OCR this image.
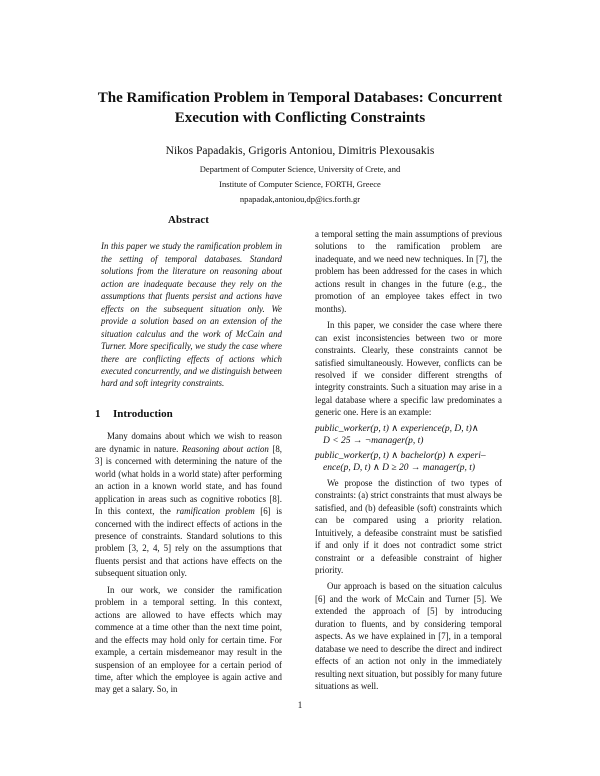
The Ramification Problem in Temporal Databases: Concurrent
Execution with Conflicting Constraints
Nikos Papadakis, Grigoris Antoniou, Dimitris Plexousakis
Department of Computer Science, University of Crete, and
Institute of Computer Science, FORTH, Greece
npapadak,antoniou,dp@ics.forth.gr
Abstract

In this paper we study the ramification problem in the setting of temporal databases. Standard solutions from the literature on reasoning about action are inadequate because they rely on the assumptions that fluents persist and actions have effects on the subsequent situation only. We provide a solution based on an extension of the situation calculus and the work of McCain and Turner. More specifically, we study the case where there are conflicting effects of actions which executed concurrently, and we distinguish between hard and soft integrity constraints.

1 Introduction

Many domains about which we wish to reason are dynamic in nature. Reasoning about action [8, 3] is concerned with determining the nature of the world (what holds in a world state) after performing an action in a known world state, and has found application in areas such as cognitive robotics [8]. In this context, the ramification problem [6] is concerned with the indirect effects of actions in the presence of constraints. Standard solutions to this problem [3, 2, 4, 5] rely on the assumptions that fluents persist and that actions have effects on the subsequent situation only.

In our work, we consider the ramification problem in a temporal setting. In this context, actions are allowed to have effects which may commence at a time other than the next time point, and the effects may hold only for certain time. For example, a certain misdemeanor may result in the suspension of an employee for a certain period of time, after which the employee is again active and may get a salary. So, in

a temporal setting the main assumptions of previous solutions to the ramification problem are inadequate, and we need new techniques. In [7], the problem has been addressed for the cases in which actions result in changes in the future (e.g., the promotion of an employee takes effect in two months).

In this paper, we consider the case where there can exist inconsistencies between two or more constraints. Clearly, these constraints cannot be satisfied simultaneously. However, conflicts can be resolved if we consider different strengths of integrity constraints. Such a situation may arise in a legal database where a specific law predominates a generic one. Here is an example:

public_worker(p, t) ∧ experience(p, D, t)∧
D < 25 → ¬manager(p, t)
public_worker(p, t) ∧ bachelor(p) ∧ experi–
ence(p, D, t) ∧ D ≥ 20 → manager(p, t)

We propose the distinction of two types of constraints: (a) strict constraints that must always be satisfied, and (b) defeasible (soft) constraints which can be compared using a priority relation. Intuitively, a defeasibe constraint must be satisfied if and only if it does not contradict some strict constraint or a defeasible constraint of higher priority.

Our approach is based on the situation calculus [6] and the work of McCain and Turner [5]. We extended the approach of [5] by introducing duration to fluents, and by considering temporal aspects. As we have explained in [7], in a temporal database we need to describe the direct and indirect effects of an action not only in the immediately resulting next situation, but possibly for many future situations as well.

1
